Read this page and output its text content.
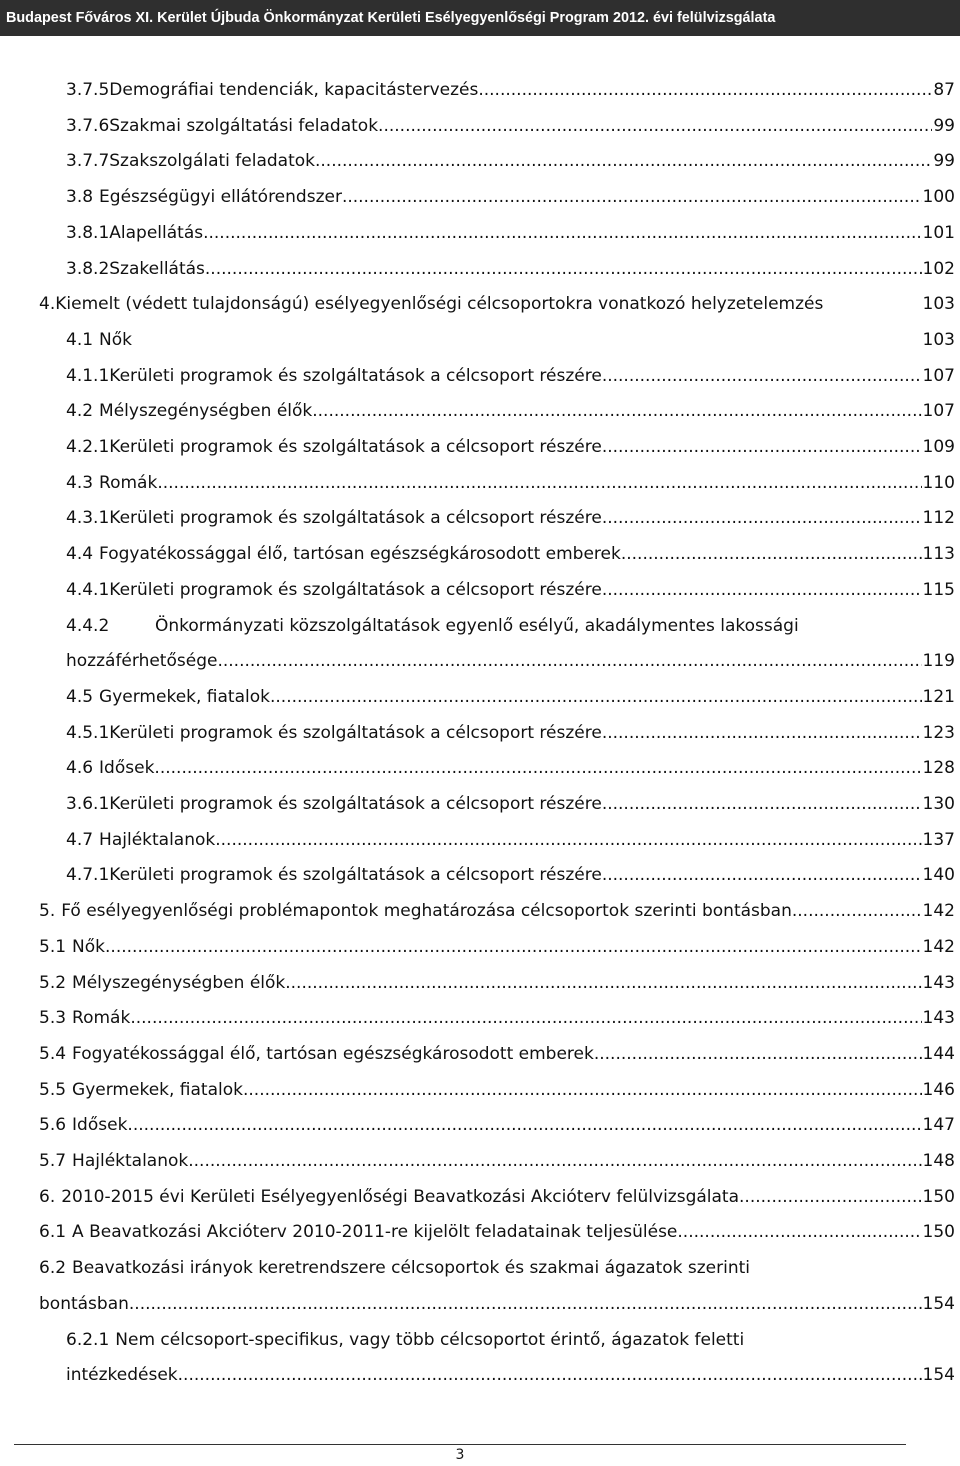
Budapest Főváros XI. Kerület Újbuda Önkormányzat Kerületi Esélyegyenlőségi Program 2012. évi felülvizsgálata
3.7.5 Demográfiai tendenciák, kapacitástervezés .....	87
3.7.6 Szakmai szolgáltatási feladatok .....	99
3.7.7 Szakszolgálati feladatok .....	99
3.8 Egészségügyi ellátórendszer .....	100
3.8.1 Alapellátás .....	101
3.8.2 Szakellátás .....	102
4. Kiemelt (védett tulajdonságú) esélyegyenlőségi célcsoportokra vonatkozó helyzetelemzés	103
4.1 Nők	103
4.1.1 Kerületi programok és szolgáltatások a célcsoport részére .....	107
4.2 Mélyszegénységben élők .....	107
4.2.1 Kerületi programok és szolgáltatások a célcsoport részére .....	109
4.3 Romák .....	110
4.3.1 Kerületi programok és szolgáltatások a célcsoport részére .....	112
4.4 Fogyatékossággal élő, tartósan egészségkárosodott emberek .....	113
4.4.1 Kerületi programok és szolgáltatások a célcsoport részére .....	115
4.4.2	Önkormányzati közszolgáltatások egyenlő esélyű, akadálymentes lakossági
hozzáférhetősége .....	119
4.5 Gyermekek, fiatalok .....	121
4.5.1 Kerületi programok és szolgáltatások a célcsoport részére .....	123
4.6 Idősek .....	128
3.6.1 Kerületi programok és szolgáltatások a célcsoport részére .....	130
4.7 Hajléktalanok .....	137
4.7.1 Kerületi programok és szolgáltatások a célcsoport részére .....	140
5. Fő esélyegyenlőségi problémapontok meghatározása célcsoportok szerinti bontásban .....	142
5.1 Nők .....	142
5.2 Mélyszegénységben élők .....	143
5.3 Romák .....	143
5.4 Fogyatékossággal élő, tartósan egészségkárosodott emberek .....	144
5.5 Gyermekek, fiatalok .....	146
5.6 Idősek .....	147
5.7 Hajléktalanok .....	148
6. 2010-2015 évi Kerületi Esélyegyenlőségi Beavatkozási Akcióterv felülvizsgálata .....	150
6.1 A Beavatkozási Akcióterv 2010-2011-re kijelölt feladatainak teljesülése .....	150
6.2 Beavatkozási irányok keretrendszere célcsoportok és szakmai ágazatok szerinti
bontásban .....	154
6.2.1 Nem célcsoport-specifikus, vagy több célcsoportot érintő, ágazatok feletti
intézkedések .....	154
3
